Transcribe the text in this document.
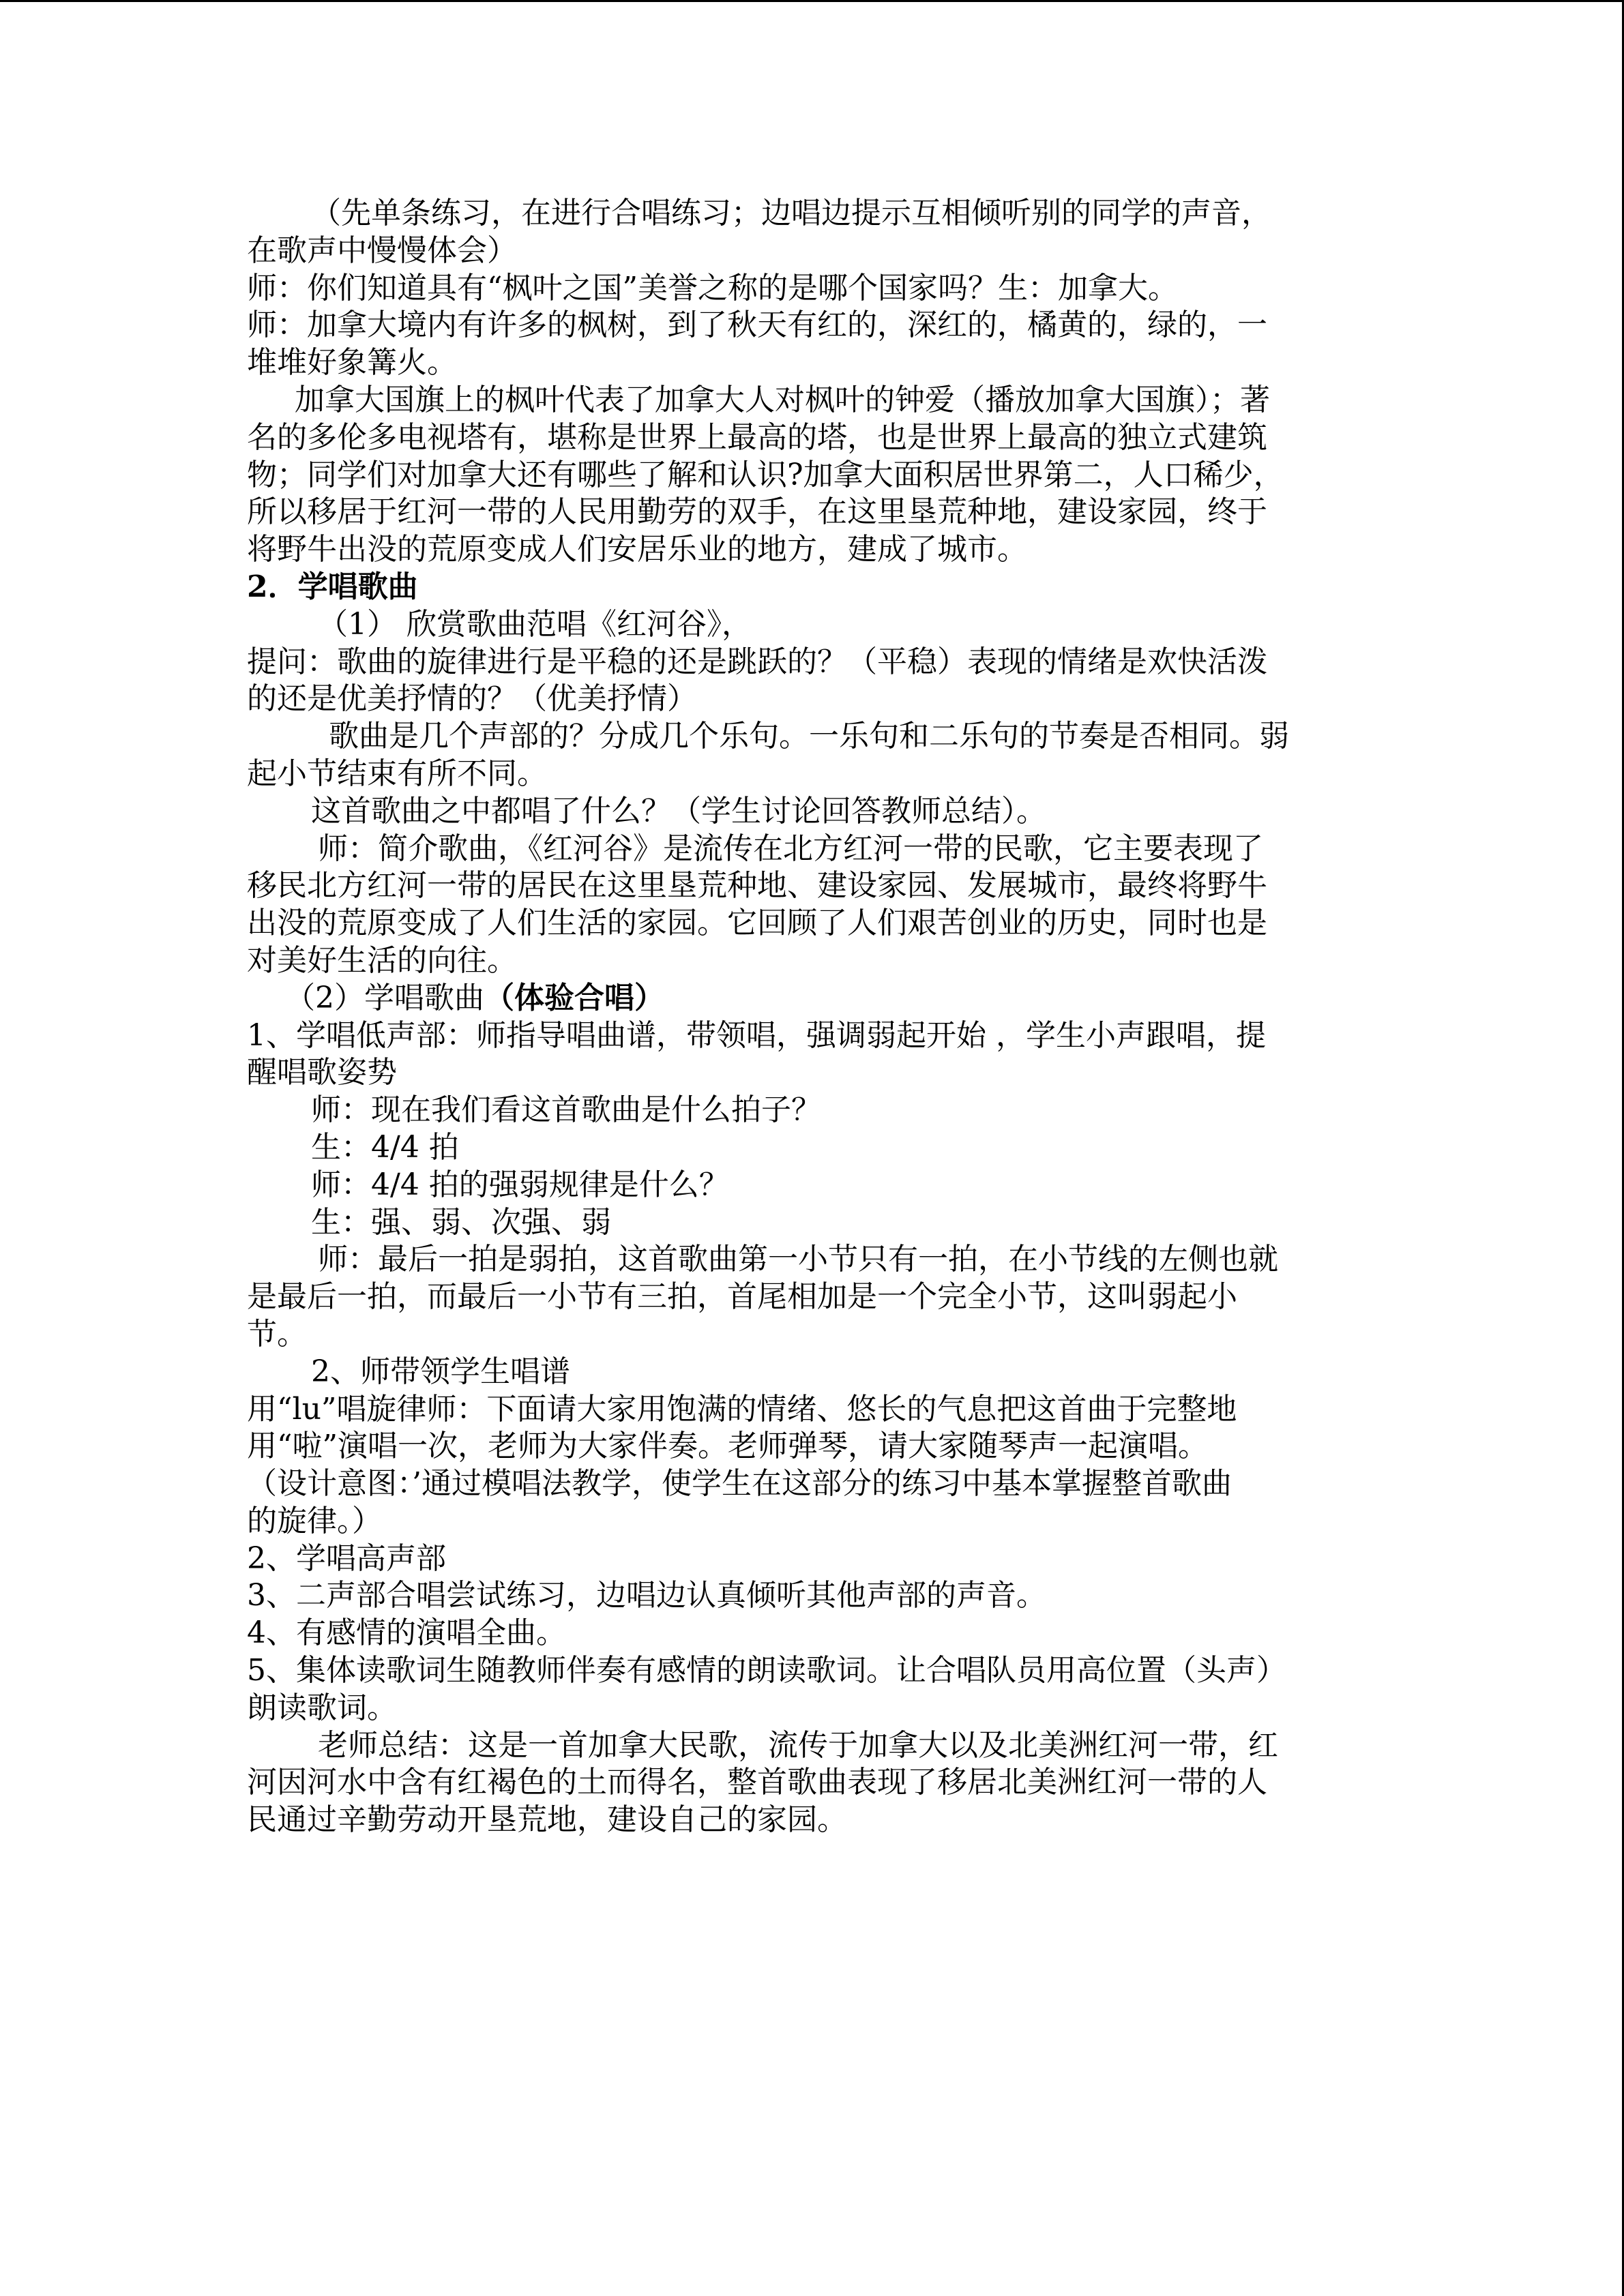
（先单条练习，在进行合唱练习；边唱边提示互相倾听别的同学的声音，
在歌声中慢慢体会）
师：你们知道具有“枫叶之国”美誉之称的是哪个国家吗？生：加拿大。
师：加拿大境内有许多的枫树，到了秋天有红的，深红的，橘黄的，绿的，一
堆堆好象篝火。
加拿大国旗上的枫叶代表了加拿大人对枫叶的钟爱（播放加拿大国旗）；著
名的多伦多电视塔有，堪称是世界上最高的塔，也是世界上最高的独立式建筑
物；同学们对加拿大还有哪些了解和认识?加拿大面积居世界第二，人口稀少，
所以移居于红河一带的人民用勤劳的双手，在这里垦荒种地，建设家园，终于
将野牛出没的荒原变成人们安居乐业的地方，建成了城市。
2．学唱歌曲
（1） 欣赏歌曲范唱《红河谷》，
提问：歌曲的旋律进行是平稳的还是跳跃的？（平稳）表现的情绪是欢快活泼
的还是优美抒情的？（优美抒情）
歌曲是几个声部的？分成几个乐句。一乐句和二乐句的节奏是否相同。弱
起小节结束有所不同。
这首歌曲之中都唱了什么？（学生讨论回答教师总结）。
师：简介歌曲，《红河谷》是流传在北方红河一带的民歌，它主要表现了
移民北方红河一带的居民在这里垦荒种地、建设家园、发展城市，最终将野牛
出没的荒原变成了人们生活的家园。它回顾了人们艰苦创业的历史，同时也是
对美好生活的向往。
（2）学唱歌曲（体验合唱）
1、学唱低声部：师指导唱曲谱，带领唱，强调弱起开始 ，学生小声跟唱，提
醒唱歌姿势
师：现在我们看这首歌曲是什么拍子？
生：4/4 拍
师：4/4 拍的强弱规律是什么？
生：强、弱、次强、弱
师：最后一拍是弱拍，这首歌曲第一小节只有一拍，在小节线的左侧也就
是最后一拍，而最后一小节有三拍，首尾相加是一个完全小节，这叫弱起小
节。
2、师带领学生唱谱
用“lu”唱旋律师：下面请大家用饱满的情绪、悠长的气息把这首曲于完整地
用“啦”演唱一次，老师为大家伴奏。老师弹琴，请大家随琴声一起演唱。
（设计意图：’通过模唱法教学，使学生在这部分的练习中基本掌握整首歌曲
的旋律。）
2、学唱高声部
3、二声部合唱尝试练习，边唱边认真倾听其他声部的声音。
4、有感情的演唱全曲。
5、集体读歌词生随教师伴奏有感情的朗读歌词。让合唱队员用高位置（头声）
朗读歌词。
老师总结：这是一首加拿大民歌，流传于加拿大以及北美洲红河一带，红
河因河水中含有红褐色的土而得名，整首歌曲表现了移居北美洲红河一带的人
民通过辛勤劳动开垦荒地，建设自己的家园。
